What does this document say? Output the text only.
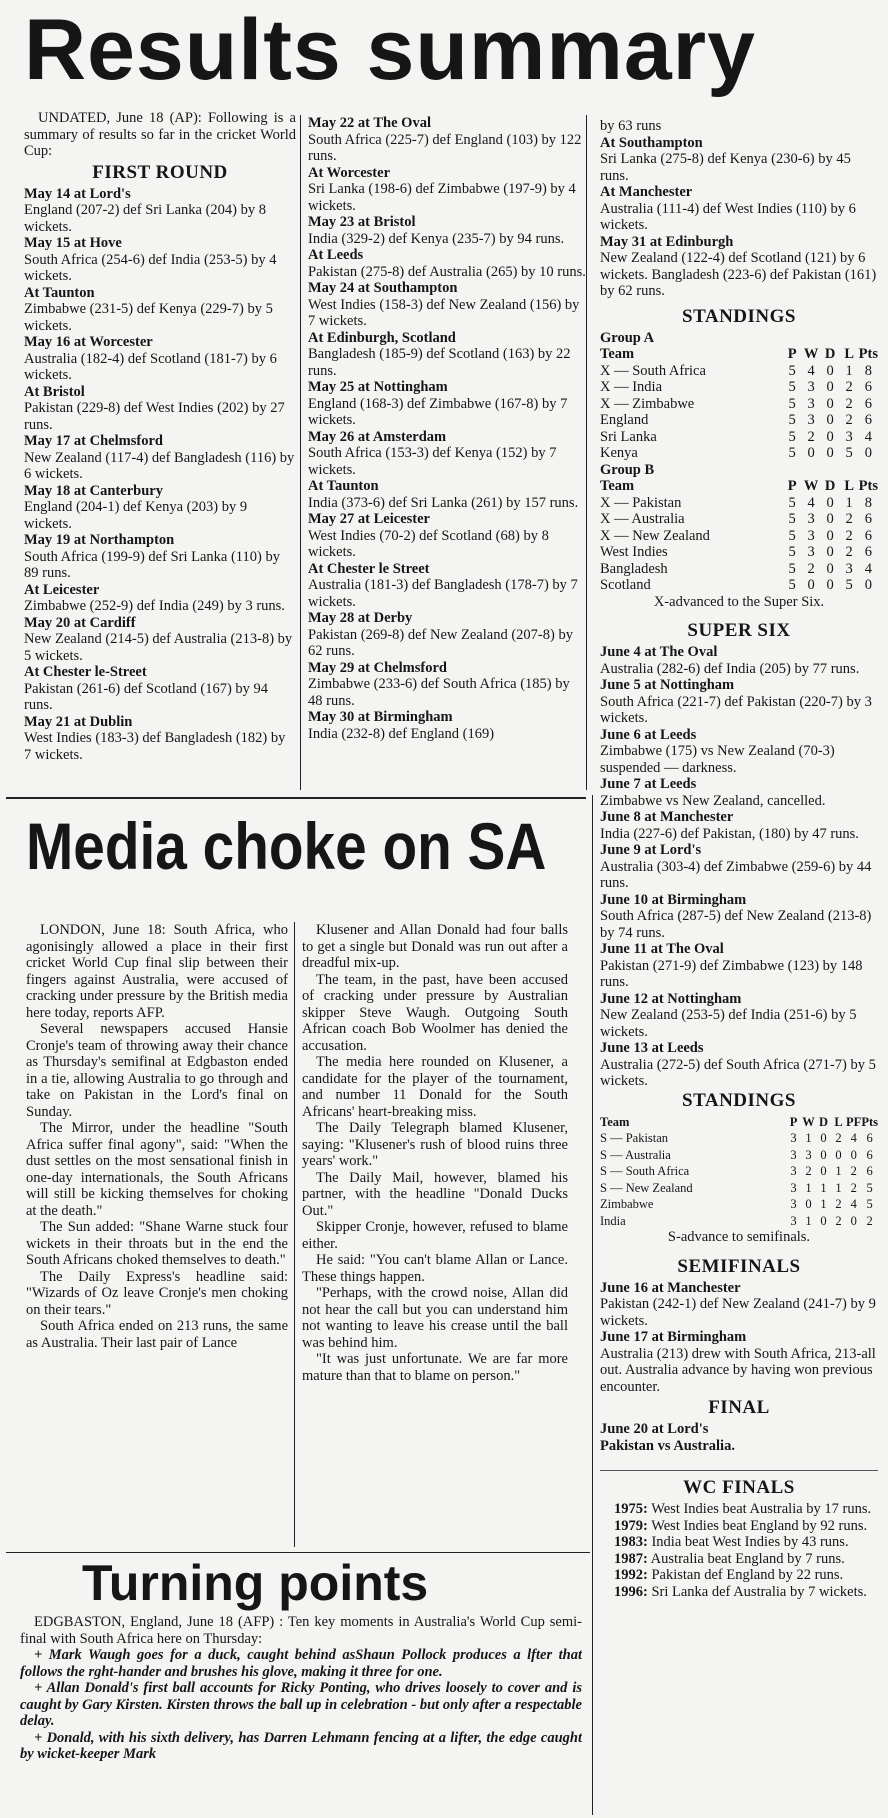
Results summary

UNDATED, June 18 (AP): Following is a summary of results so far in the cricket World Cup:

FIRST ROUND
May 14 at Lord's
England (207-2) def Sri Lanka (204) by 8 wickets.
May 15 at Hove
South Africa (254-6) def India (253-5) by 4 wickets.
At Taunton
Zimbabwe (231-5) def Kenya (229-7) by 5 wickets.
May 16 at Worcester
Australia (182-4) def Scotland (181-7) by 6 wickets.
At Bristol
Pakistan (229-8) def West Indies (202) by 27 runs.
May 17 at Chelmsford
New Zealand (117-4) def Bangladesh (116) by 6 wickets.
May 18 at Canterbury
England (204-1) def Kenya (203) by 9 wickets.
May 19 at Northampton
South Africa (199-9) def Sri Lanka (110) by 89 runs.
At Leicester
Zimbabwe (252-9) def India (249) by 3 runs.
May 20 at Cardiff
New Zealand (214-5) def Australia (213-8) by 5 wickets.
At Chester le-Street
Pakistan (261-6) def Scotland (167) by 94 runs.
May 21 at Dublin
West Indies (183-3) def Bangladesh (182) by 7 wickets.
May 22 at The Oval
South Africa (225-7) def England (103) by 122 runs.
At Worcester
Sri Lanka (198-6) def Zimbabwe (197-9) by 4 wickets.
May 23 at Bristol
India (329-2) def Kenya (235-7) by 94 runs.
At Leeds
Pakistan (275-8) def Australia (265) by 10 runs.
May 24 at Southampton
West Indies (158-3) def New Zealand (156) by 7 wickets.
At Edinburgh, Scotland
Bangladesh (185-9) def Scotland (163) by 22 runs.
May 25 at Nottingham
England (168-3) def Zimbabwe (167-8) by 7 wickets.
May 26 at Amsterdam
South Africa (153-3) def Kenya (152) by 7 wickets.
At Taunton
India (373-6) def Sri Lanka (261) by 157 runs.
May 27 at Leicester
West Indies (70-2) def Scotland (68) by 8 wickets.
At Chester le Street
Australia (181-3) def Bangladesh (178-7) by 7 wickets.
May 28 at Derby
Pakistan (269-8) def New Zealand (207-8) by 62 runs.
May 29 at Chelmsford
Zimbabwe (233-6) def South Africa (185) by 48 runs.
May 30 at Birmingham
India (232-8) def England (169)
by 63 runs
At Southampton
Sri Lanka (275-8) def Kenya (230-6) by 45 runs.
At Manchester
Australia (111-4) def West Indies (110) by 6 wickets.
May 31 at Edinburgh
New Zealand (122-4) def Scotland (121) by 6 wickets. Bangladesh (223-6) def Pakistan (161) by 62 runs.
STANDINGS
Group A
Team	P	W	D	L	Pts
X — South Africa	5	4	0	1	8
X — India	5	3	0	2	6
X — Zimbabwe	5	3	0	2	6
England	5	3	0	2	6
Sri Lanka	5	2	0	3	4
Kenya	5	0	0	5	0
Group B
Team	P	W	D	L	Pts
X — Pakistan	5	4	0	1	8
X — Australia	5	3	0	2	6
X — New Zealand	5	3	0	2	6
West Indies	5	3	0	2	6
Bangladesh	5	2	0	3	4
Scotland	5	0	0	5	0
X-advanced to the Super Six.
SUPER SIX
June 4 at The Oval
Australia (282-6) def India (205) by 77 runs.
June 5 at Nottingham
South Africa (221-7) def Pakistan (220-7) by 3 wickets.
June 6 at Leeds
Zimbabwe (175) vs New Zealand (70-3) suspended — darkness.
June 7 at Leeds
Zimbabwe vs New Zealand, cancelled.
June 8 at Manchester
India (227-6) def Pakistan, (180) by 47 runs.
June 9 at Lord's
Australia (303-4) def Zimbabwe (259-6) by 44 runs.
June 10 at Birmingham
South Africa (287-5) def New Zealand (213-8) by 74 runs.
June 11 at The Oval
Pakistan (271-9) def Zimbabwe (123) by 148 runs.
June 12 at Nottingham
New Zealand (253-5) def India (251-6) by 5 wickets.
June 13 at Leeds
Australia (272-5) def South Africa (271-7) by 5 wickets.
STANDINGS
Team	P	W	D	L	PF	Pts
S — Pakistan	3	1	0	2	4	6
S — Australia	3	3	0	0	0	6
S — South Africa	3	2	0	1	2	6
S — New Zealand	3	1	1	1	2	5
Zimbabwe	3	0	1	2	4	5
India	3	1	0	2	0	2
S-advance to semifinals.
SEMIFINALS
June 16 at Manchester
Pakistan (242-1) def New Zealand (241-7) by 9 wickets.
June 17 at Birmingham
Australia (213) drew with South Africa, 213-all out. Australia advance by having won previous encounter.
FINAL
June 20 at Lord's
Pakistan vs Australia.
WC FINALS

1975: West Indies beat Australia by 17 runs.

1979: West Indies beat England by 92 runs.

1983: India beat West Indies by 43 runs.

1987: Australia beat England by 7 runs.

1992: Pakistan def England by 22 runs.

1996: Sri Lanka def Australia by 7 wickets.

Media choke on SA

LONDON, June 18: South Africa, who agonisingly allowed a place in their first cricket World Cup final slip between their fingers against Australia, were accused of cracking under pressure by the British media here today, reports AFP.

Several newspapers accused Hansie Cronje's team of throwing away their chance as Thursday's semifinal at Edgbaston ended in a tie, allowing Australia to go through and take on Pakistan in the Lord's final on Sunday.

The Mirror, under the headline "South Africa suffer final agony", said: "When the dust settles on the most sensational finish in one-day internationals, the South Africans will still be kicking themselves for choking at the death."

The Sun added: "Shane Warne stuck four wickets in their throats but in the end the South Africans choked themselves to death."

The Daily Express's headline said: "Wizards of Oz leave Cronje's men choking on their tears."

South Africa ended on 213 runs, the same as Australia. Their last pair of Lance

Klusener and Allan Donald had four balls to get a single but Donald was run out after a dreadful mix-up.

The team, in the past, have been accused of cracking under pressure by Australian skipper Steve Waugh. Outgoing South African coach Bob Woolmer has denied the accusation.

The media here rounded on Klusener, a candidate for the player of the tournament, and number 11 Donald for the South Africans' heart-breaking miss.

The Daily Telegraph blamed Klusener, saying: "Klusener's rush of blood ruins three years' work."

The Daily Mail, however, blamed his partner, with the headline "Donald Ducks Out."

Skipper Cronje, however, refused to blame either.

He said: "You can't blame Allan or Lance. These things happen.

"Perhaps, with the crowd noise, Allan did not hear the call but you can understand him not wanting to leave his crease until the ball was behind him.

"It was just unfortunate. We are far more mature than that to blame on person."

Turning points

EDGBASTON, England, June 18 (AFP) : Ten key moments in Australia's World Cup semi-final with South Africa here on Thursday:

+ Mark Waugh goes for a duck, caught behind asShaun Pollock produces a lfter that follows the rght-hander and brushes his glove, making it three for one.

+ Allan Donald's first ball accounts for Ricky Ponting, who drives loosely to cover and is caught by Gary Kirsten. Kirsten throws the ball up in celebration - but only after a respectable delay.

+ Donald, with his sixth delivery, has Darren Lehmann fencing at a lifter, the edge caught by wicket-keeper Mark
